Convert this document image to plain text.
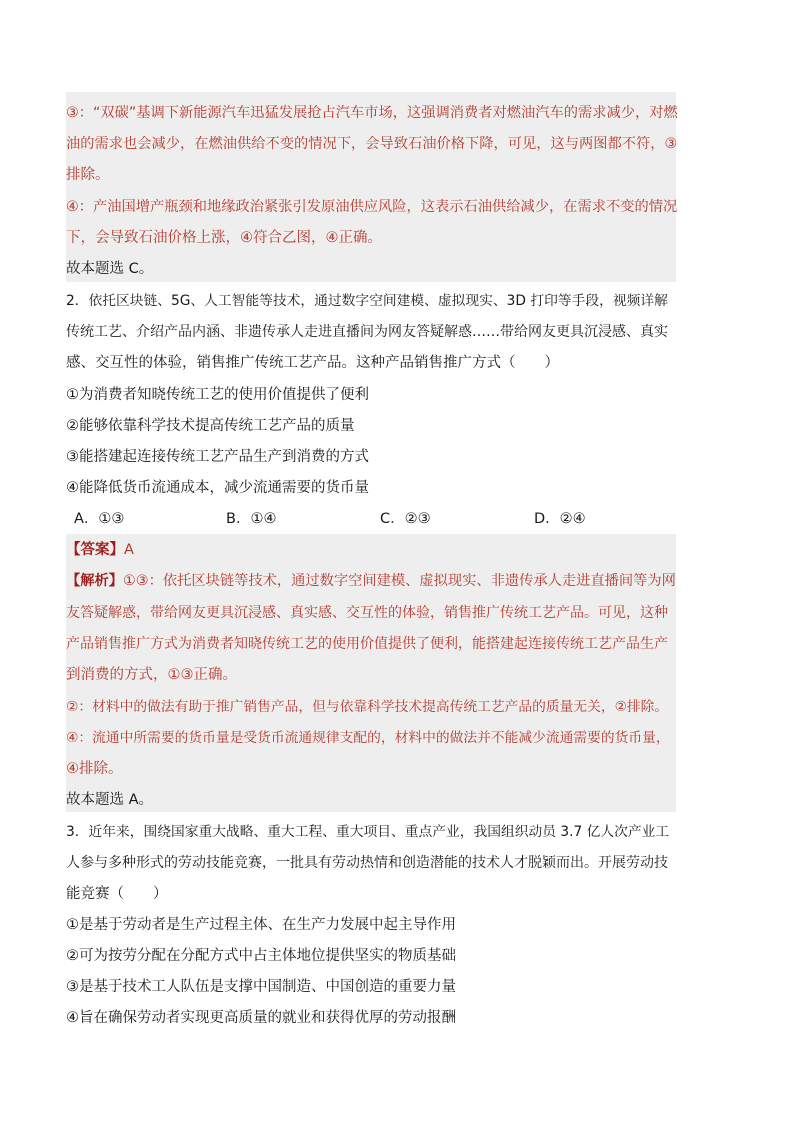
③：“双碳”基调下新能源汽车迅猛发展抢占汽车市场，这强调消费者对燃油汽车的需求减少，对燃
油的需求也会减少，在燃油供给不变的情况下，会导致石油价格下降，可见，这与两图都不符，③
排除。
④：产油国增产瓶颈和地缘政治紧张引发原油供应风险，这表示石油供给减少，在需求不变的情况
下，会导致石油价格上涨，④符合乙图，④正确。
故本题选 C。
2．依托区块链、5G、人工智能等技术，通过数字空间建模、虚拟现实、3D 打印等手段，视频详解
传统工艺、介绍产品内涵、非遗传承人走进直播间为网友答疑解惑……带给网友更具沉浸感、真实
感、交互性的体验，销售推广传统工艺产品。这种产品销售推广方式（　　）
①为消费者知晓传统工艺的使用价值提供了便利
②能够依靠科学技术提高传统工艺产品的质量
③能搭建起连接传统工艺产品生产到消费的方式
④能降低货币流通成本，减少流通需要的货币量
A．①③	B．①④	C．②③	D．②④
【答案】A
【解析】①③：依托区块链等技术，通过数字空间建模、虚拟现实、非遗传承人走进直播间等为网
友答疑解惑，带给网友更具沉浸感、真实感、交互性的体验，销售推广传统工艺产品。可见，这种
产品销售推广方式为消费者知晓传统工艺的使用价值提供了便利，能搭建起连接传统工艺产品生产
到消费的方式，①③正确。
②：材料中的做法有助于推广销售产品，但与依靠科学技术提高传统工艺产品的质量无关，②排除。
④：流通中所需要的货币量是受货币流通规律支配的，材料中的做法并不能减少流通需要的货币量，
④排除。
故本题选 A。
3．近年来，围绕国家重大战略、重大工程、重大项目、重点产业，我国组织动员 3.7 亿人次产业工
人参与多种形式的劳动技能竞赛，一批具有劳动热情和创造潜能的技术人才脱颖而出。开展劳动技
能竞赛（　　）
①是基于劳动者是生产过程主体、在生产力发展中起主导作用
②可为按劳分配在分配方式中占主体地位提供坚实的物质基础
③是基于技术工人队伍是支撑中国制造、中国创造的重要力量
④旨在确保劳动者实现更高质量的就业和获得优厚的劳动报酬
